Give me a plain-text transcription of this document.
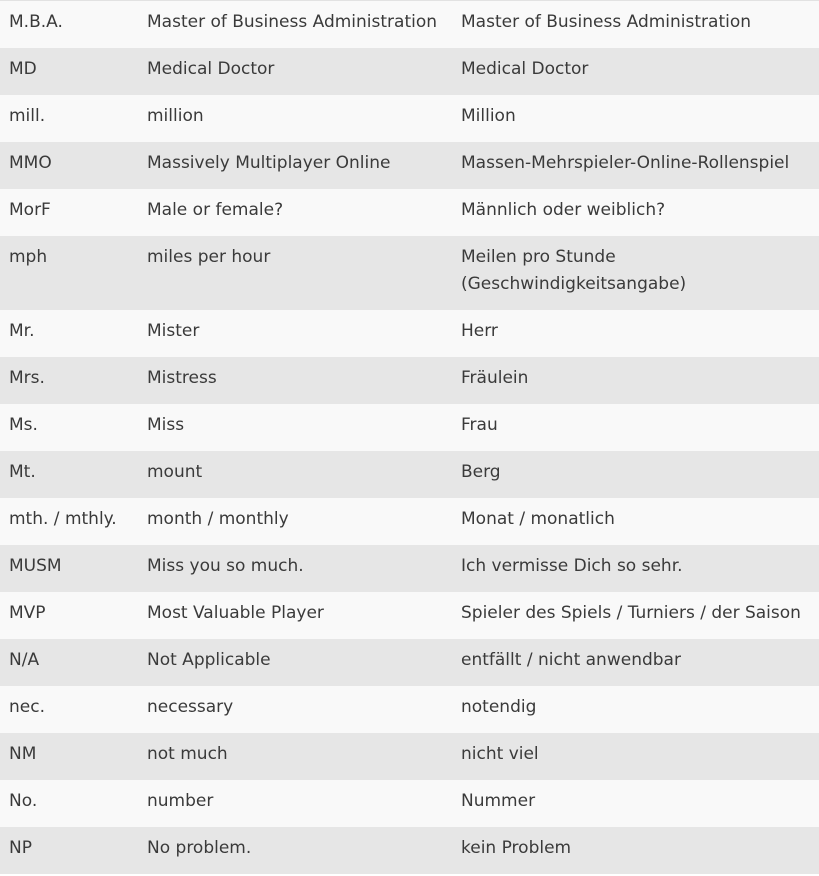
M.B.A.	Master of Business Administration	Master of Business Administration
MD	Medical Doctor	Medical Doctor
mill.	million	Million
MMO	Massively Multiplayer Online	Massen-Mehrspieler-Online-Rollenspiel
MorF	Male or female?	Männlich oder weiblich?
mph	miles per hour	Meilen pro Stunde (Geschwindigkeitsangabe)
Mr.	Mister	Herr
Mrs.	Mistress	Fräulein
Ms.	Miss	Frau
Mt.	mount	Berg
mth. / mthly.	month / monthly	Monat / monatlich
MUSM	Miss you so much.	Ich vermisse Dich so sehr.
MVP	Most Valuable Player	Spieler des Spiels / Turniers / der Saison
N/A	Not Applicable	entfällt / nicht anwendbar
nec.	necessary	notendig
NM	not much	nicht viel
No.	number	Nummer
NP	No problem.	kein Problem
